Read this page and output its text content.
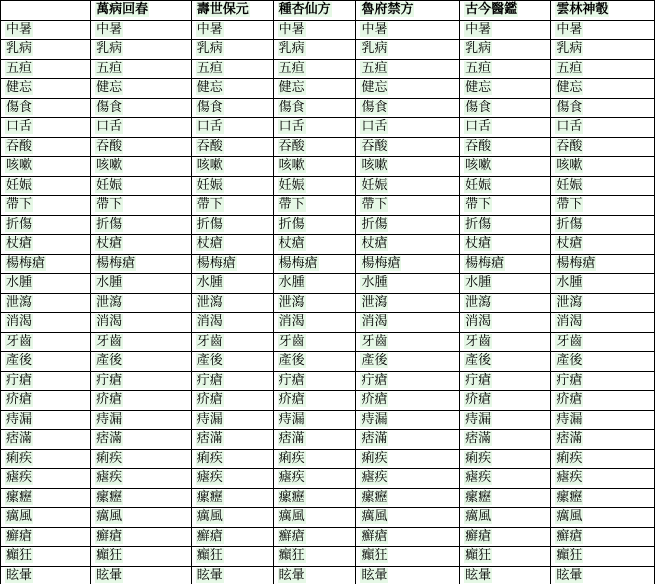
	萬病回春	壽世保元	種杏仙方	魯府禁方	古今醫鑑	雲林神彀
中暑	中暑	中暑	中暑	中暑	中暑	中暑
乳病	乳病	乳病	乳病	乳病	乳病	乳病
五疸	五疸	五疸	五疸	五疸	五疸	五疸
健忘	健忘	健忘	健忘	健忘	健忘	健忘
傷食	傷食	傷食	傷食	傷食	傷食	傷食
口舌	口舌	口舌	口舌	口舌	口舌	口舌
吞酸	吞酸	吞酸	吞酸	吞酸	吞酸	吞酸
咳嗽	咳嗽	咳嗽	咳嗽	咳嗽	咳嗽	咳嗽
妊娠	妊娠	妊娠	妊娠	妊娠	妊娠	妊娠
帶下	帶下	帶下	帶下	帶下	帶下	帶下
折傷	折傷	折傷	折傷	折傷	折傷	折傷
杖瘡	杖瘡	杖瘡	杖瘡	杖瘡	杖瘡	杖瘡
楊梅瘡	楊梅瘡	楊梅瘡	楊梅瘡	楊梅瘡	楊梅瘡	楊梅瘡
水腫	水腫	水腫	水腫	水腫	水腫	水腫
泄瀉	泄瀉	泄瀉	泄瀉	泄瀉	泄瀉	泄瀉
消渴	消渴	消渴	消渴	消渴	消渴	消渴
牙齒	牙齒	牙齒	牙齒	牙齒	牙齒	牙齒
產後	產後	產後	產後	產後	產後	產後
疔瘡	疔瘡	疔瘡	疔瘡	疔瘡	疔瘡	疔瘡
疥瘡	疥瘡	疥瘡	疥瘡	疥瘡	疥瘡	疥瘡
痔漏	痔漏	痔漏	痔漏	痔漏	痔漏	痔漏
痞滿	痞滿	痞滿	痞滿	痞滿	痞滿	痞滿
痢疾	痢疾	痢疾	痢疾	痢疾	痢疾	痢疾
瘧疾	瘧疾	瘧疾	瘧疾	瘧疾	瘧疾	瘧疾
瘰癧	瘰癧	瘰癧	瘰癧	瘰癧	瘰癧	瘰癧
癘風	癘風	癘風	癘風	癘風	癘風	癘風
癬瘡	癬瘡	癬瘡	癬瘡	癬瘡	癬瘡	癬瘡
癲狂	癲狂	癲狂	癲狂	癲狂	癲狂	癲狂
眩暈	眩暈	眩暈	眩暈	眩暈	眩暈	眩暈
